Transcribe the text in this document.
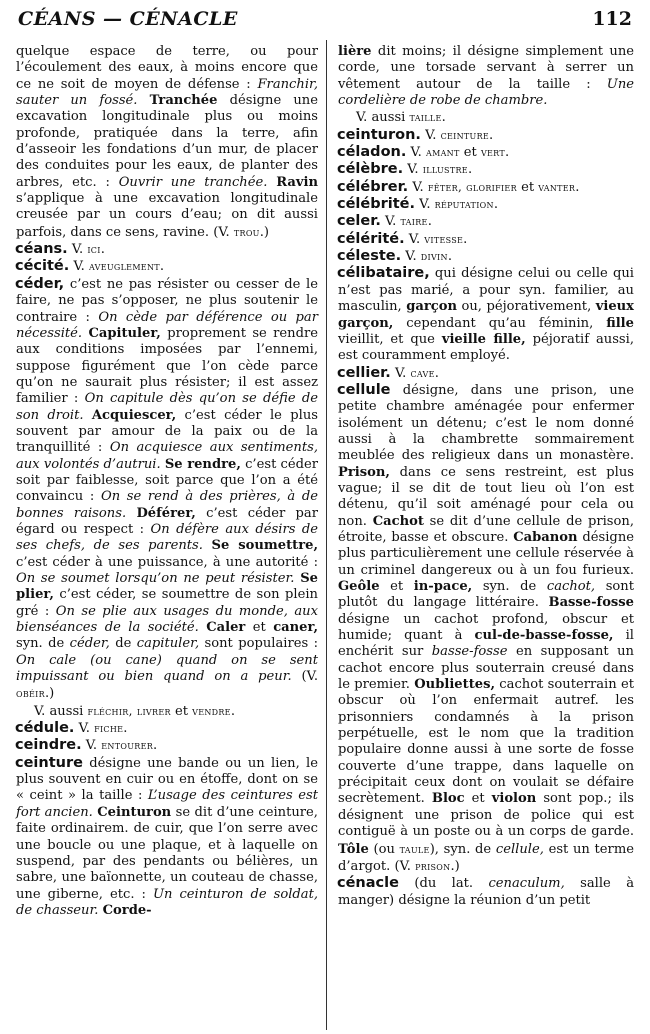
CÉANS — CÉNACLE	112

quelque espace de terre, ou pour l’écoulement des eaux, à moins encore que ce ne soit de moyen de défense : Franchir, sauter un fossé. Tranchée désigne une excavation longitudinale plus ou moins profonde, pratiquée dans la terre, afin d’asseoir les fondations d’un mur, de placer des conduites pour les eaux, de planter des arbres, etc. : Ouvrir une tranchée. Ravin s’applique à une excavation longitudinale creusée par un cours d’eau; on dit aussi parfois, dans ce sens, ravine. (V. trou.)

céans. V. ici.

cécité. V. aveuglement.

céder, c’est ne pas résister ou cesser de le faire, ne pas s’opposer, ne plus soutenir le contraire : On cède par déférence ou par nécessité. Capituler, proprement se rendre aux conditions imposées par l’ennemi, suppose figurément que l’on cède parce qu’on ne saurait plus résister; il est assez familier : On capitule dès qu’on se défie de son droit. Acquiescer, c’est céder le plus souvent par amour de la paix ou de la tranquillité : On acquiesce aux sentiments, aux volontés d’autrui. Se rendre, c’est céder soit par faiblesse, soit parce que l’on a été convaincu : On se rend à des prières, à de bonnes raisons. Déférer, c’est céder par égard ou respect : On défère aux désirs de ses chefs, de ses parents. Se soumettre, c’est céder à une puissance, à une autorité : On se soumet lorsqu’on ne peut résister. Se plier, c’est céder, se soumettre de son plein gré : On se plie aux usages du monde, aux bienséances de la société. Caler et caner, syn. de céder, de capituler, sont populaires : On cale (ou cane) quand on se sent impuissant ou bien quand on a peur. (V. obéir.)

V. aussi fléchir, livrer et vendre.

cédule. V. fiche.

ceindre. V. entourer.

ceinture désigne une bande ou un lien, le plus souvent en cuir ou en étoffe, dont on se « ceint » la taille : L’usage des ceintures est fort ancien. Ceinturon se dit d’une ceinture, faite ordinairem. de cuir, que l’on serre avec une boucle ou une plaque, et à laquelle on suspend, par des pendants ou bélières, un sabre, une baïonnette, un couteau de chasse, une giberne, etc. : Un ceinturon de soldat, de chasseur. Corde-

lière dit moins; il désigne simplement une corde, une torsade servant à serrer un vêtement autour de la taille : Une cordelière de robe de chambre.

V. aussi taille.

ceinturon. V. ceinture.

céladon. V. amant et vert.

célèbre. V. illustre.

célébrer. V. fêter, glorifier et vanter.

célébrité. V. réputation.

celer. V. taire.

célérité. V. vitesse.

céleste. V. divin.

célibataire, qui désigne celui ou celle qui n’est pas marié, a pour syn. familier, au masculin, garçon ou, péjorativement, vieux garçon, cependant qu’au féminin, fille vieillit, et que vieille fille, péjoratif aussi, est couramment employé.

cellier. V. cave.

cellule désigne, dans une prison, une petite chambre aménagée pour enfermer isolément un détenu; c’est le nom donné aussi à la chambrette sommairement meublée des religieux dans un monastère. Prison, dans ce sens restreint, est plus vague; il se dit de tout lieu où l’on est détenu, qu’il soit aménagé pour cela ou non. Cachot se dit d’une cellule de prison, étroite, basse et obscure. Cabanon désigne plus particulièrement une cellule réservée à un criminel dangereux ou à un fou furieux. Geôle et in-pace, syn. de cachot, sont plutôt du langage littéraire. Basse-fosse désigne un cachot profond, obscur et humide; quant à cul-de-basse-fosse, il enchérit sur basse-fosse en supposant un cachot encore plus souterrain creusé dans le premier. Oubliettes, cachot souterrain et obscur où l’on enfermait autref. les prisonniers condamnés à la prison perpétuelle, est le nom que la tradition populaire donne aussi à une sorte de fosse couverte d’une trappe, dans laquelle on précipitait ceux dont on voulait se défaire secrètement. Bloc et violon sont pop.; ils désignent une prison de police qui est contiguë à un poste ou à un corps de garde. Tôle (ou taule), syn. de cellule, est un terme d’argot. (V. prison.)

cénacle (du lat. cenaculum, salle à manger) désigne la réunion d’un petit
